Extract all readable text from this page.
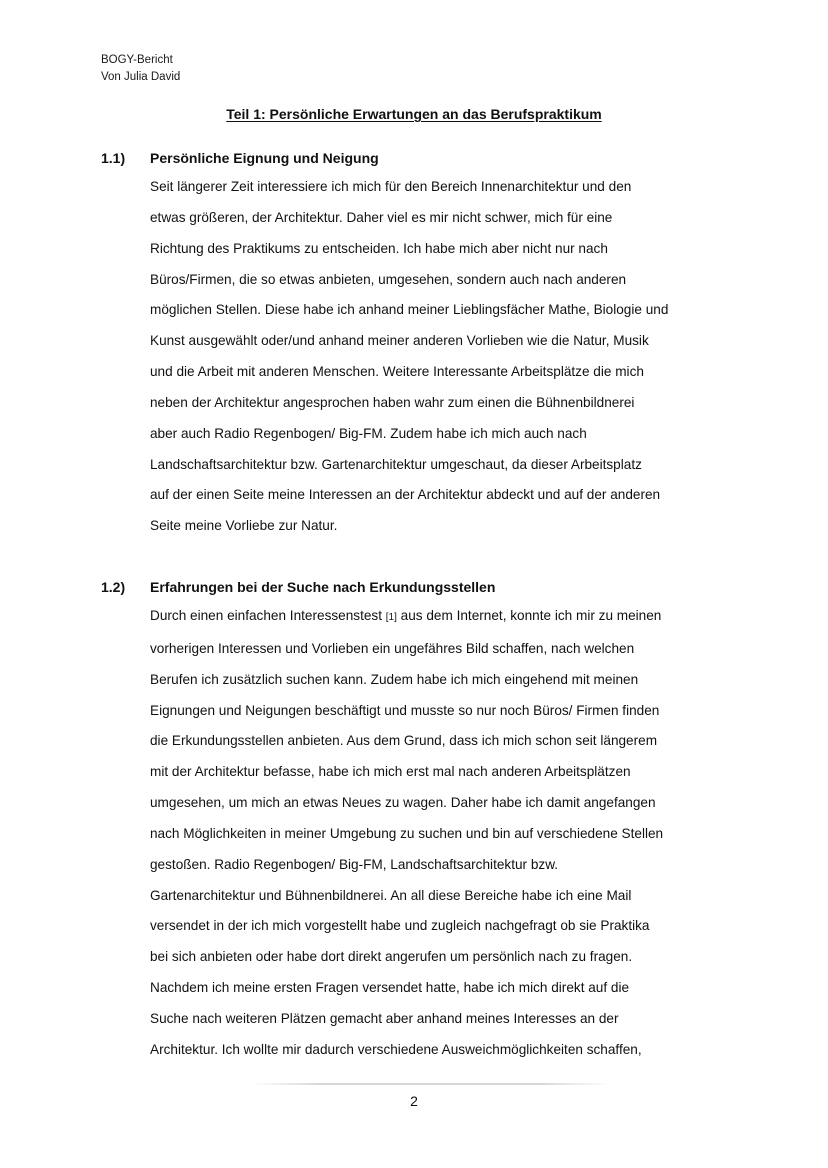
BOGY-Bericht
Von Julia David
Teil 1: Persönliche Erwartungen an das Berufspraktikum
1.1) Persönliche Eignung und Neigung
Seit längerer Zeit interessiere ich mich für den Bereich Innenarchitektur und den
etwas größeren, der Architektur. Daher viel es mir nicht schwer, mich für eine
Richtung des Praktikums zu entscheiden. Ich habe mich aber nicht nur nach
Büros/Firmen, die so etwas anbieten, umgesehen, sondern auch nach anderen
möglichen Stellen. Diese habe ich anhand meiner Lieblingsfächer Mathe, Biologie und
Kunst ausgewählt oder/und anhand meiner anderen Vorlieben wie die Natur, Musik
und die Arbeit mit anderen Menschen. Weitere Interessante Arbeitsplätze die mich
neben der Architektur angesprochen haben wahr zum einen die Bühnenbildnerei
aber auch Radio Regenbogen/ Big-FM. Zudem habe ich mich auch nach
Landschaftsarchitektur bzw. Gartenarchitektur umgeschaut, da dieser Arbeitsplatz
auf der einen Seite meine Interessen an der Architektur abdeckt und auf der anderen
Seite meine Vorliebe zur Natur.
1.2) Erfahrungen bei der Suche nach Erkundungsstellen
Durch einen einfachen Interessenstest [1] aus dem Internet, konnte ich mir zu meinen
vorherigen Interessen und Vorlieben ein ungefähres Bild schaffen, nach welchen
Berufen ich zusätzlich suchen kann. Zudem habe ich mich eingehend mit meinen
Eignungen und Neigungen beschäftigt und musste so nur noch Büros/ Firmen finden
die Erkundungsstellen anbieten. Aus dem Grund, dass ich mich schon seit längerem
mit der Architektur befasse, habe ich mich erst mal nach anderen Arbeitsplätzen
umgesehen, um mich an etwas Neues zu wagen. Daher habe ich damit angefangen
nach Möglichkeiten in meiner Umgebung zu suchen und bin auf verschiedene Stellen
gestoßen. Radio Regenbogen/ Big-FM, Landschaftsarchitektur bzw.
Gartenarchitektur und Bühnenbildnerei. An all diese Bereiche habe ich eine Mail
versendet in der ich mich vorgestellt habe und zugleich nachgefragt ob sie Praktika
bei sich anbieten oder habe dort direkt angerufen um persönlich nach zu fragen.
Nachdem ich meine ersten Fragen versendet hatte, habe ich mich direkt auf die
Suche nach weiteren Plätzen gemacht aber anhand meines Interesses an der
Architektur. Ich wollte mir dadurch verschiedene Ausweichmöglichkeiten schaffen,
2
